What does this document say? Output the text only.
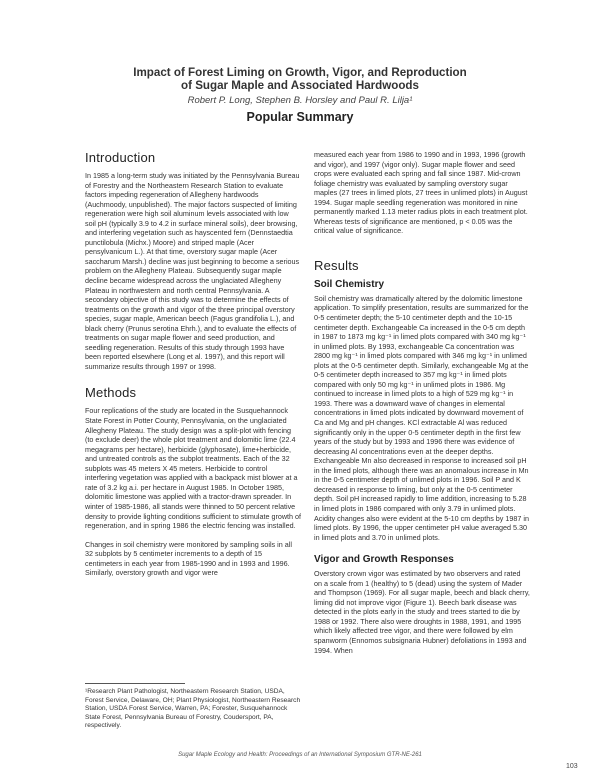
Impact of Forest Liming on Growth, Vigor, and Reproduction
of Sugar Maple and Associated Hardwoods
Robert P. Long, Stephen B. Horsley and Paul R. Lilja¹
Popular Summary
Introduction

In 1985 a long-term study was initiated by the Pennsylvania Bureau of Forestry and the Northeastern Research Station to evaluate factors impeding regeneration of Allegheny hardwoods (Auchmoody, unpublished). The major factors suspected of limiting regeneration were high soil aluminum levels associated with low soil pH (typically 3.9 to 4.2 in surface mineral soils), deer browsing, and interfering vegetation such as hayscented fern (Dennstaedtia punctilobula (Michx.) Moore) and striped maple (Acer pensylvanicum L.). At that time, overstory sugar maple (Acer saccharum Marsh.) decline was just beginning to become a serious problem on the Allegheny Plateau. Subsequently sugar maple decline became widespread across the unglaciated Allegheny Plateau in northwestern and north central Pennsylvania. A secondary objective of this study was to determine the effects of treatments on the growth and vigor of the three principal overstory species, sugar maple, American beech (Fagus grandifolia L.), and black cherry (Prunus serotina Ehrh.), and to evaluate the effects of treatments on sugar maple flower and seed production, and seedling regeneration. Results of this study through 1993 have been reported elsewhere (Long et al. 1997), and this report will summarize results through 1997 or 1998.

Methods

Four replications of the study are located in the Susquehannock State Forest in Potter County, Pennsylvania, on the unglaciated Allegheny Plateau. The study design was a split-plot with fencing (to exclude deer) the whole plot treatment and dolomitic lime (22.4 megagrams per hectare), herbicide (glyphosate), lime+herbicide, and untreated controls as the subplot treatments. Each of the 32 subplots was 45 meters X 45 meters. Herbicide to control interfering vegetation was applied with a backpack mist blower at a rate of 3.2 kg a.i. per hectare in August 1985. In October 1985, dolomitic limestone was applied with a tractor-drawn spreader. In winter of 1985-1986, all stands were thinned to 50 percent relative density to provide lighting conditions sufficient to stimulate growth of regeneration, and in spring 1986 the electric fencing was installed.

Changes in soil chemistry were monitored by sampling soils in all 32 subplots by 5 centimeter increments to a depth of 15 centimeters in each year from 1985-1990 and in 1993 and 1996. Similarly, overstory growth and vigor were

¹Research Plant Pathologist, Northeastern Research Station, USDA, Forest Service, Delaware, OH; Plant Physiologist, Northeastern Research Station, USDA Forest Service, Warren, PA; Forester, Susquehannock State Forest, Pennsylvania Bureau of Forestry, Coudersport, PA, respectively.

measured each year from 1986 to 1990 and in 1993, 1996 (growth and vigor), and 1997 (vigor only). Sugar maple flower and seed crops were evaluated each spring and fall since 1987. Mid-crown foliage chemistry was evaluated by sampling overstory sugar maples (27 trees in limed plots, 27 trees in unlimed plots) in August 1994. Sugar maple seedling regeneration was monitored in nine permanently marked 1.13 meter radius plots in each treatment plot. Whereas tests of significance are mentioned, p < 0.05 was the critical value of significance.

Results
Soil Chemistry

Soil chemistry was dramatically altered by the dolomitic limestone application. To simplify presentation, results are summarized for the 0-5 centimeter depth; the 5-10 centimeter depth and the 10-15 centimeter depth. Exchangeable Ca increased in the 0-5 cm depth in 1987 to 1873 mg kg⁻¹ in limed plots compared with 340 mg kg⁻¹ in unlimed plots. By 1993, exchangeable Ca concentration was 2800 mg kg⁻¹ in limed plots compared with 346 mg kg⁻¹ in unlimed plots at the 0-5 centimeter depth. Similarly, exchangeable Mg at the 0-5 centimeter depth increased to 357 mg kg⁻¹ in limed plots compared with only 50 mg kg⁻¹ in unlimed plots in 1986. Mg continued to increase in limed plots to a high of 529 mg kg⁻¹ in 1993. There was a downward wave of changes in elemental concentrations in limed plots indicated by downward movement of Ca and Mg and pH changes. KCl extractable Al was reduced significantly only in the upper 0-5 centimeter depth in the first few years of the study but by 1993 and 1996 there was evidence of decreasing Al concentrations even at the deeper depths. Exchangeable Mn also decreased in response to increased soil pH in the limed plots, although there was an anomalous increase in Mn in the 0-5 centimeter depth of unlimed plots in 1996. Soil P and K decreased in response to liming, but only at the 0-5 centimeter depth. Soil pH increased rapidly to lime addition, increasing to 5.28 in limed plots in 1986 compared with only 3.79 in unlimed plots. Acidity changes also were evident at the 5-10 cm depths by 1987 in limed plots. By 1996, the upper centimeter pH value averaged 5.30 in limed plots and 3.70 in unlimed plots.

Vigor and Growth Responses

Overstory crown vigor was estimated by two observers and rated on a scale from 1 (healthy) to 5 (dead) using the system of Mader and Thompson (1969). For all sugar maple, beech and black cherry, liming did not improve vigor (Figure 1). Beech bark disease was detected in the plots early in the study and trees started to die by 1988 or 1992. There also were droughts in 1988, 1991, and 1995 which likely affected tree vigor, and there were followed by elm spanworm (Ennomos subsignaria Hubner) defoliations in 1993 and 1994. When

Sugar Maple Ecology and Health: Proceedings of an International Symposium GTR-NE-261
103
